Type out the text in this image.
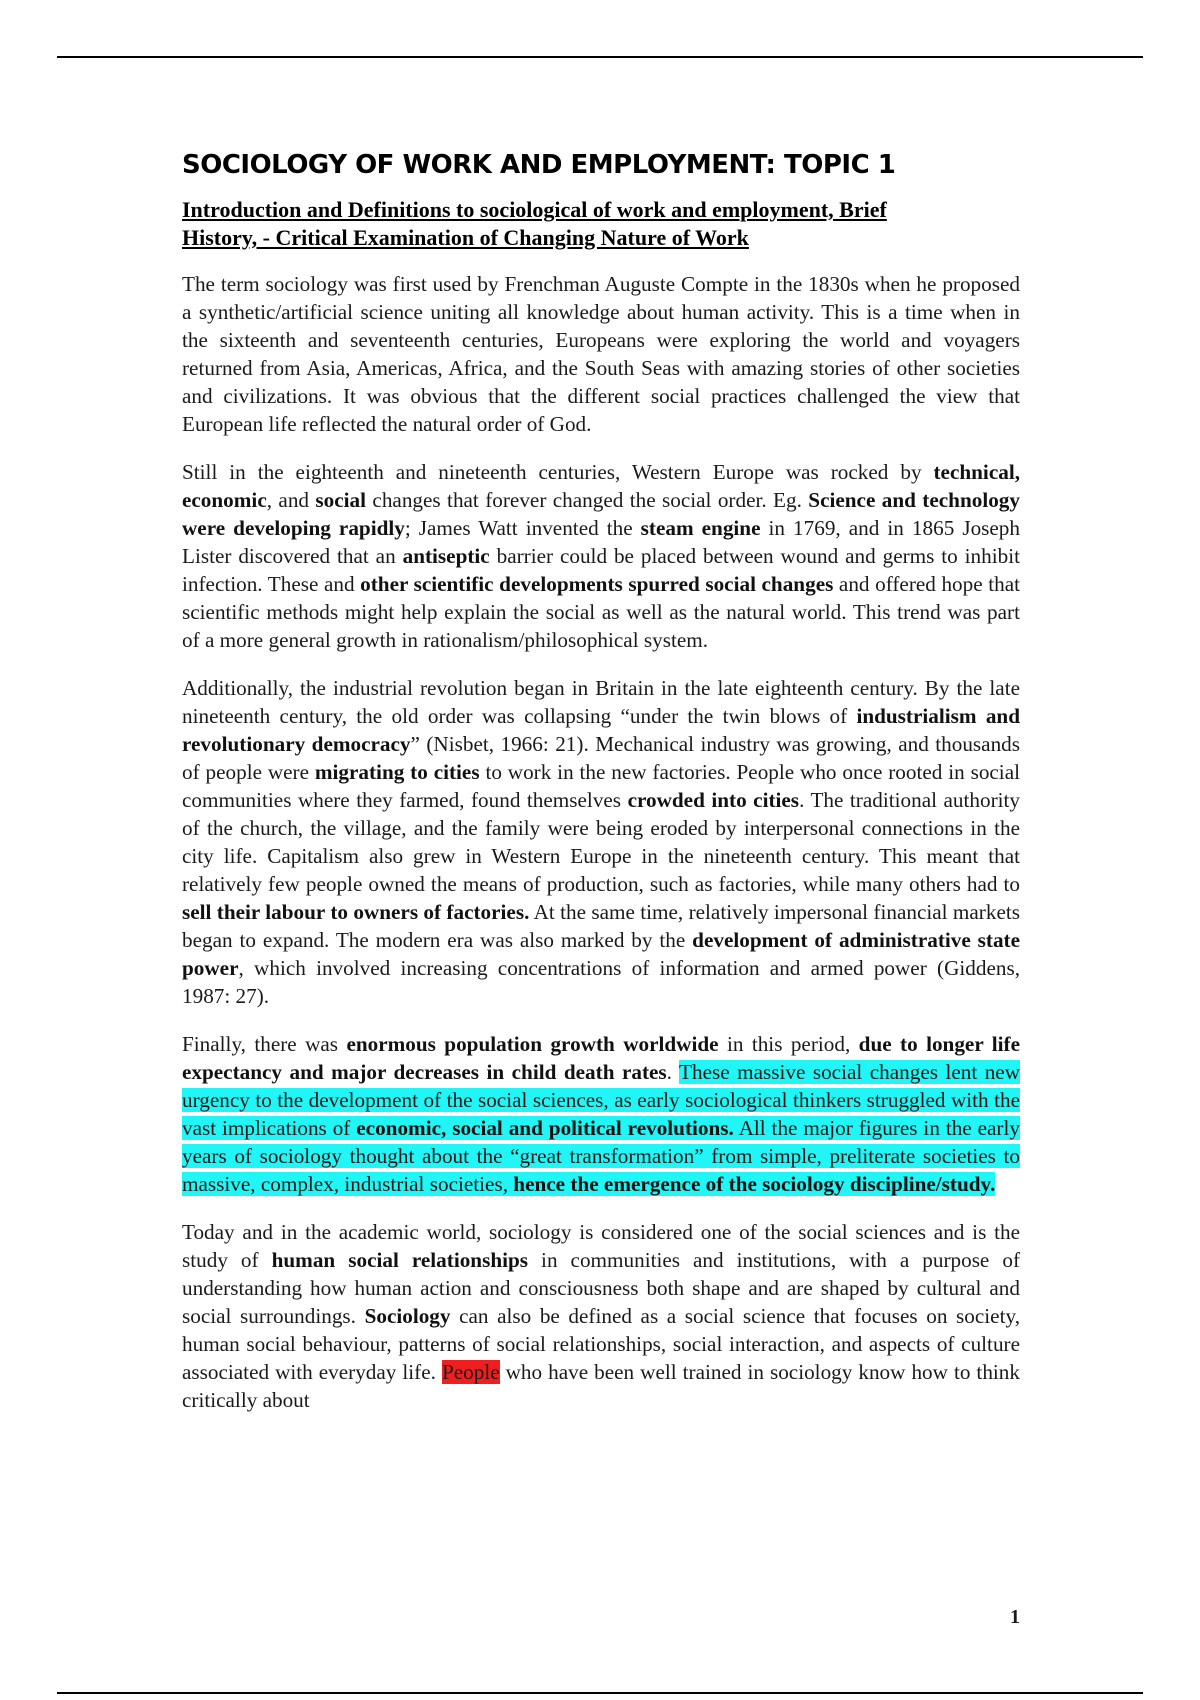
SOCIOLOGY OF WORK AND EMPLOYMENT: TOPIC 1
Introduction and Definitions to sociological of work and employment, Brief
History, - Critical Examination of Changing Nature of Work

The term sociology was first used by Frenchman Auguste Compte in the 1830s when he proposed a synthetic/artificial science uniting all knowledge about human activity. This is a time when in the sixteenth and seventeenth centuries, Europeans were exploring the world and voyagers returned from Asia, Americas, Africa, and the South Seas with amazing stories of other societies and civilizations. It was obvious that the different social practices challenged the view that European life reflected the natural order of God.

Still in the eighteenth and nineteenth centuries, Western Europe was rocked by technical, economic, and social changes that forever changed the social order. Eg. Science and technology were developing rapidly; James Watt invented the steam engine in 1769, and in 1865 Joseph Lister discovered that an antiseptic barrier could be placed between wound and germs to inhibit infection. These and other scientific developments spurred social changes and offered hope that scientific methods might help explain the social as well as the natural world. This trend was part of a more general growth in rationalism/philosophical system.

Additionally, the industrial revolution began in Britain in the late eighteenth century. By the late nineteenth century, the old order was collapsing “under the twin blows of industrialism and revolutionary democracy” (Nisbet, 1966: 21). Mechanical industry was growing, and thousands of people were migrating to cities to work in the new factories. People who once rooted in social communities where they farmed, found themselves crowded into cities. The traditional authority of the church, the village, and the family were being eroded by interpersonal connections in the city life. Capitalism also grew in Western Europe in the nineteenth century. This meant that relatively few people owned the means of production, such as factories, while many others had to sell their labour to owners of factories. At the same time, relatively impersonal financial markets began to expand. The modern era was also marked by the development of administrative state power, which involved increasing concentrations of information and armed power (Giddens, 1987: 27).

Finally, there was enormous population growth worldwide in this period, due to longer life expectancy and major decreases in child death rates. These massive social changes lent new urgency to the development of the social sciences, as early sociological thinkers struggled with the vast implications of economic, social and political revolutions. All the major figures in the early years of sociology thought about the “great transformation” from simple, preliterate societies to massive, complex, industrial societies, hence the emergence of the sociology discipline/study.

Today and in the academic world, sociology is considered one of the social sciences and is the study of human social relationships in communities and institutions, with a purpose of understanding how human action and consciousness both shape and are shaped by cultural and social surroundings. Sociology can also be defined as a social science that focuses on society, human social behaviour, patterns of social relationships, social interaction, and aspects of culture associated with everyday life. People who have been well trained in sociology know how to think critically about

1
